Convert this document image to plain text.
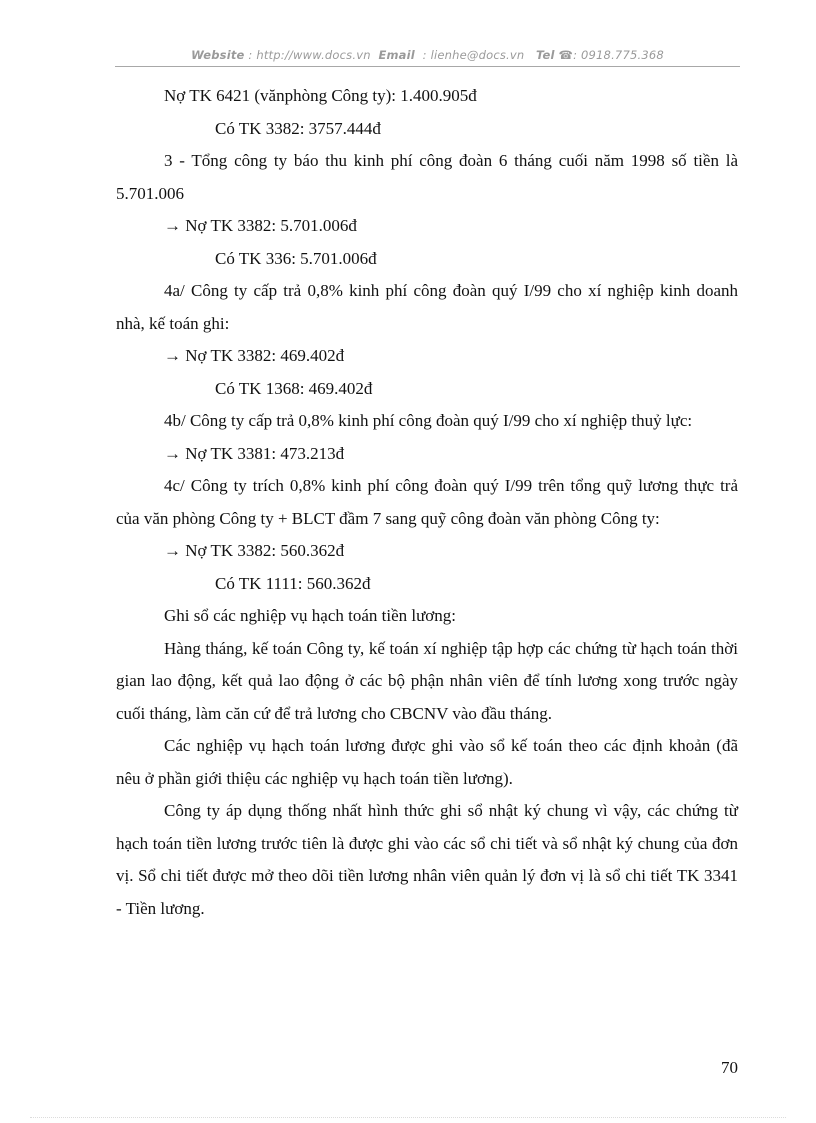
Website : http://www.docs.vn Email : lienhe@docs.vn Tel ☎: 0918.775.368

Nợ TK 6421 (vănphòng Công ty): 1.400.905đ

Có TK 3382: 3757.444đ

3 - Tổng công ty báo thu kinh phí công đoàn 6 tháng cuối năm 1998 số tiền là 5.701.006

→ Nợ TK 3382: 5.701.006đ

Có TK 336: 5.701.006đ

4a/ Công ty cấp trả 0,8% kinh phí công đoàn quý I/99 cho xí nghiệp kinh doanh nhà, kế toán ghi:

→ Nợ TK 3382: 469.402đ

Có TK 1368: 469.402đ

4b/ Công ty cấp trả 0,8% kinh phí công đoàn quý I/99 cho xí nghiệp thuỷ lực:

→ Nợ TK 3381: 473.213đ

4c/ Công ty trích 0,8% kinh phí công đoàn quý I/99 trên tổng quỹ lương thực trả của văn phòng Công ty + BLCT đầm 7 sang quỹ công đoàn văn phòng Công ty:

→ Nợ TK 3382: 560.362đ

Có TK 1111: 560.362đ

Ghi sổ các nghiệp vụ hạch toán tiền lương:

Hàng tháng, kế toán Công ty, kế toán xí nghiệp tập hợp các chứng từ hạch toán thời gian lao động, kết quả lao động ở các bộ phận nhân viên để tính lương xong trước ngày cuối tháng, làm căn cứ để trả lương cho CBCNV vào đầu tháng.

Các nghiệp vụ hạch toán lương được ghi vào sổ kế toán theo các định khoản (đã nêu ở phần giới thiệu các nghiệp vụ hạch toán tiền lương).

Công ty áp dụng thống nhất hình thức ghi sổ nhật ký chung vì vậy, các chứng từ hạch toán tiền lương trước tiên là được ghi vào các sổ chi tiết và sổ nhật ký chung của đơn vị. Sổ chi tiết được mở theo dõi tiền lương nhân viên quản lý đơn vị là sổ chi tiết TK 3341 - Tiền lương.

70
